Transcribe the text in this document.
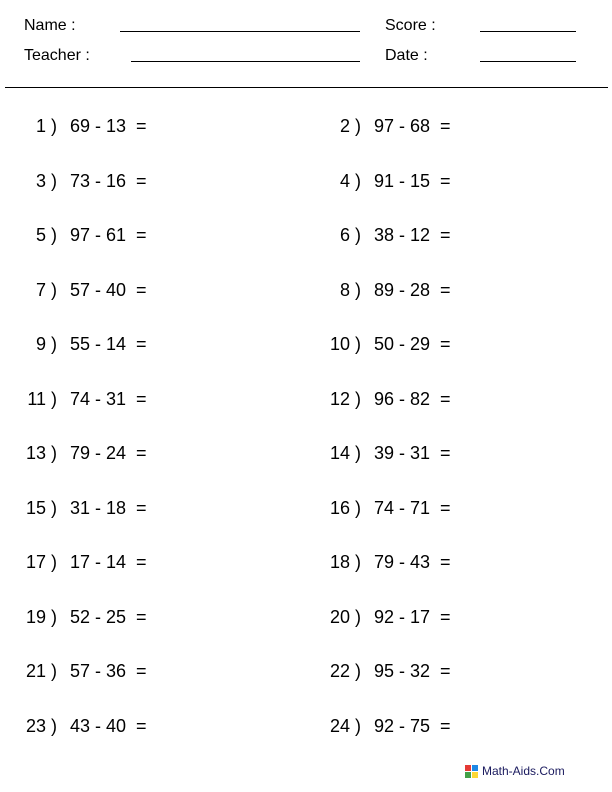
Name :	Score :
Teacher :	Date :
1 ) 69 - 13  =	2 ) 97 - 68  =
3 ) 73 - 16  =	4 ) 91 - 15  =
5 ) 97 - 61  =	6 ) 38 - 12  =
7 ) 57 - 40  =	8 ) 89 - 28  =
9 ) 55 - 14  =	10 ) 50 - 29  =
11 ) 74 - 31  =	12 ) 96 - 82  =
13 ) 79 - 24  =	14 ) 39 - 31  =
15 ) 31 - 18  =	16 ) 74 - 71  =
17 ) 17 - 14  =	18 ) 79 - 43  =
19 ) 52 - 25  =	20 ) 92 - 17  =
21 ) 57 - 36  =	22 ) 95 - 32  =
23 ) 43 - 40  =	24 ) 92 - 75  =
Math-Aids.Com
